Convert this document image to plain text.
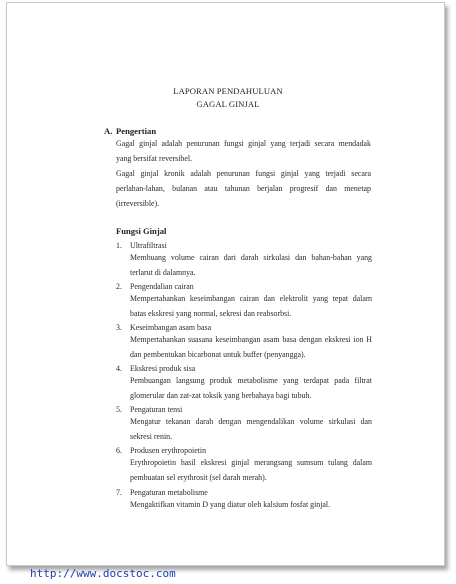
LAPORAN PENDAHULUAN
GAGAL GINJAL
A. Pengertian
Gagal ginjal adalah penurunan fungsi ginjal yang terjadi secara mendadak
yang bersifat reversibel.
Gagal ginjal kronik adalah penurunan fungsi ginjal yang terjadi secara
perlahan-lahan, bulanan atau tahunan berjalan progresif dan menetap
(irreversible).
Fungsi Ginjal
1. Ultrafiltrasi
Membuang volume cairan dari darah sirkulasi dan bahan-bahan yang
terlarut di dalamnya.
2. Pengendalian cairan
Mempertahankan keseimbangan cairan dan elektrolit yang tepat dalam
batas ekskresi yang normal, sekresi dan reabsorbsi.
3. Keseimbangan asam basa
Mempertahankan suasana keseimbangan asam basa dengan ekskresi ion H
dan pembentukan bicarbonat untuk buffer (penyangga).
4. Ekskresi produk sisa
Pembuangan langsung produk metabolisme yang terdapat pada filtrat
glomerular dan zat-zat toksik yang berbahaya bagi tubuh.
5. Pengaturan tensi
Mengatur tekanan darah dengan mengendalikan volume sirkulasi dan
sekresi renin.
6. Produsen erythropoietin
Erythropoietin hasil ekskresi ginjal merangsang sumsum tulang dalam
pembuatan sel erythrosit (sel darah merah).
7. Pengaturan metabolisme
Mengaktifkan vitamin D yang diatur oleh kalsium fosfat ginjal.
http://www.docstoc.com
